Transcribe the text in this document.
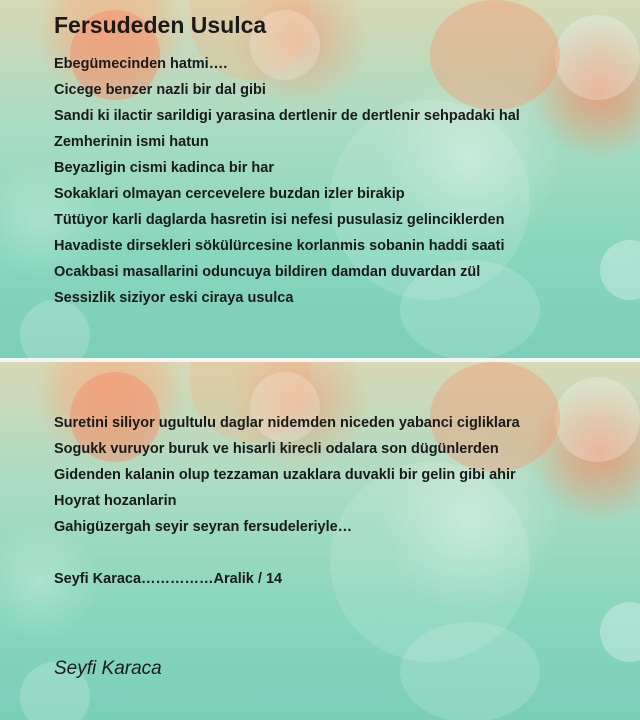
Fersudeden Usulca
Ebegümecinden hatmi….
Cicege benzer nazli bir dal gibi
Sandi ki ilactir sarildigi yarasina dertlenir de dertlenir sehpadaki hal
Zemherinin ismi hatun
Beyazligin cismi kadinca bir har
Sokaklari olmayan cercevelere buzdan izler birakip
Tütüyor karli daglarda hasretin isi nefesi pusulasiz gelinciklerden
Havadiste dirsekleri sökülürcesine korlanmis sobanin haddi saati
Ocakbasi masallarini oduncuya bildiren damdan duvardan zül
Sessizlik siziyor eski ciraya usulca
Suretini siliyor ugultulu daglar nidemden niceden yabanci cigliklara
Sogukk vuruyor buruk ve hisarli kirecli odalara son dügünlerden
Gidenden kalanin olup tezzaman uzaklara duvakli bir gelin gibi ahir
Hoyrat hozanlarin
Gahigüzergah seyir seyran fersudeleriyle…
Seyfi Karaca……………Aralik / 14

Seyfi Karaca
